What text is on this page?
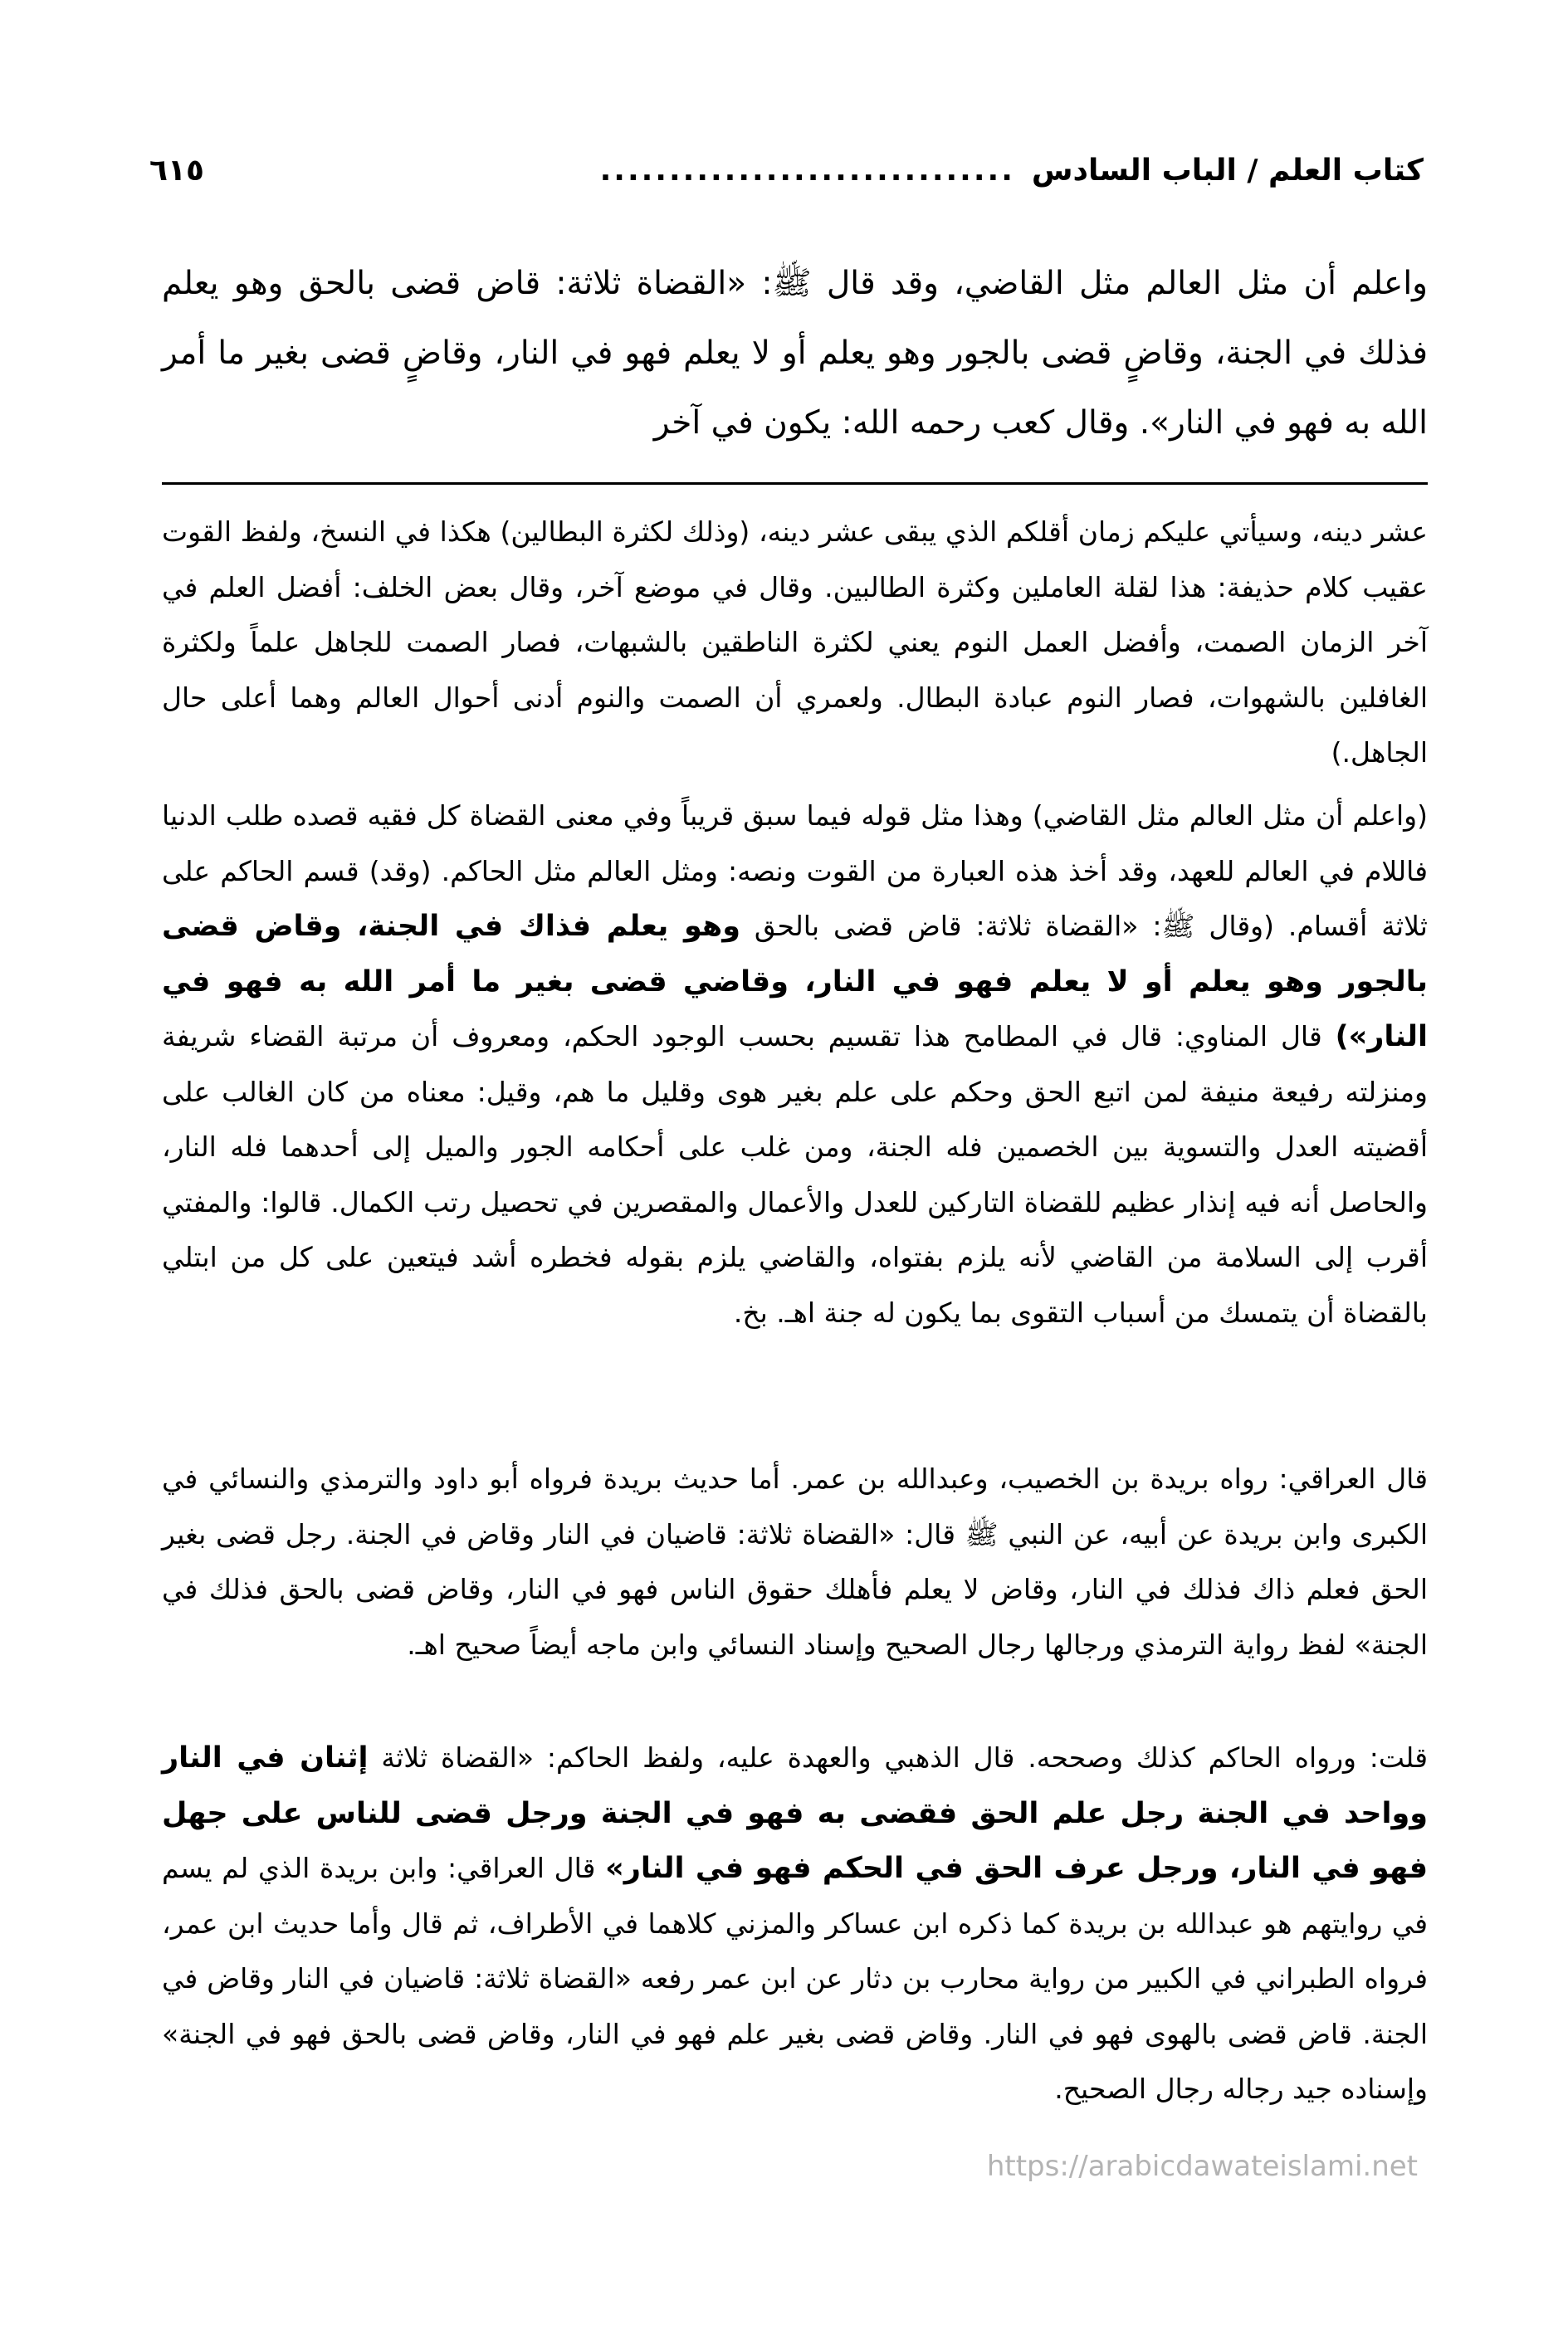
كتاب العلم / الباب السادس
..............................
٦١٥

واعلم أن مثل العالم مثل القاضي، وقد قال ﷺ: «القضاة ثلاثة: قاض قضى بالحق وهو يعلم فذلك في الجنة، وقاضٍ قضى بالجور وهو يعلم أو لا يعلم فهو في النار، وقاضٍ قضى بغير ما أمر الله به فهو في النار». وقال كعب رحمه الله: يكون في آخر

عشر دينه، وسيأتي عليكم زمان أقلكم الذي يبقى عشر دينه، (وذلك لكثرة البطالين) هكذا في النسخ، ولفظ القوت عقيب كلام حذيفة: هذا لقلة العاملين وكثرة الطالبين. وقال في موضع آخر، وقال بعض الخلف: أفضل العلم في آخر الزمان الصمت، وأفضل العمل النوم يعني لكثرة الناطقين بالشبهات، فصار الصمت للجاهل علماً ولكثرة الغافلين بالشهوات، فصار النوم عبادة البطال. ولعمري أن الصمت والنوم أدنى أحوال العالم وهما أعلى حال الجاهل.)

(واعلم أن مثل العالم مثل القاضي) وهذا مثل قوله فيما سبق قريباً وفي معنى القضاة كل فقيه قصده طلب الدنيا فاللام في العالم للعهد، وقد أخذ هذه العبارة من القوت ونصه: ومثل العالم مثل الحاكم. (وقد) قسم الحاكم على ثلاثة أقسام. (وقال ﷺ: «القضاة ثلاثة: قاض قضى بالحق وهو يعلم فذاك في الجنة، وقاض قضى بالجور وهو يعلم أو لا يعلم فهو في النار، وقاضي قضى بغير ما أمر الله به فهو في النار») قال المناوي: قال في المطامح هذا تقسيم بحسب الوجود الحكم، ومعروف أن مرتبة القضاء شريفة ومنزلته رفيعة منيفة لمن اتبع الحق وحكم على علم بغير هوى وقليل ما هم، وقيل: معناه من كان الغالب على أقضيته العدل والتسوية بين الخصمين فله الجنة، ومن غلب على أحكامه الجور والميل إلى أحدهما فله النار، والحاصل أنه فيه إنذار عظيم للقضاة التاركين للعدل والأعمال والمقصرين في تحصيل رتب الكمال. قالوا: والمفتي أقرب إلى السلامة من القاضي لأنه يلزم بفتواه، والقاضي يلزم بقوله فخطره أشد فيتعين على كل من ابتلي بالقضاة أن يتمسك من أسباب التقوى بما يكون له جنة اهـ. بخ.

قال العراقي: رواه بريدة بن الخصيب، وعبدالله بن عمر. أما حديث بريدة فرواه أبو داود والترمذي والنسائي في الكبرى وابن بريدة عن أبيه، عن النبي ﷺ قال: «القضاة ثلاثة: قاضيان في النار وقاض في الجنة. رجل قضى بغير الحق فعلم ذاك فذلك في النار، وقاض لا يعلم فأهلك حقوق الناس فهو في النار، وقاض قضى بالحق فذلك في الجنة» لفظ رواية الترمذي ورجالها رجال الصحيح وإسناد النسائي وابن ماجه أيضاً صحيح اهـ.

قلت: ورواه الحاكم كذلك وصححه. قال الذهبي والعهدة عليه، ولفظ الحاكم: «القضاة ثلاثة إثنان في النار وواحد في الجنة رجل علم الحق فقضى به فهو في الجنة ورجل قضى للناس على جهل فهو في النار، ورجل عرف الحق في الحكم فهو في النار» قال العراقي: وابن بريدة الذي لم يسم في روايتهم هو عبدالله بن بريدة كما ذكره ابن عساكر والمزني كلاهما في الأطراف، ثم قال وأما حديث ابن عمر، فرواه الطبراني في الكبير من رواية محارب بن دثار عن ابن عمر رفعه «القضاة ثلاثة: قاضيان في النار وقاض في الجنة. قاض قضى بالهوى فهو في النار. وقاض قضى بغير علم فهو في النار، وقاض قضى بالحق فهو في الجنة» وإسناده جيد رجاله رجال الصحيح.

https://arabicdawateislami.net
